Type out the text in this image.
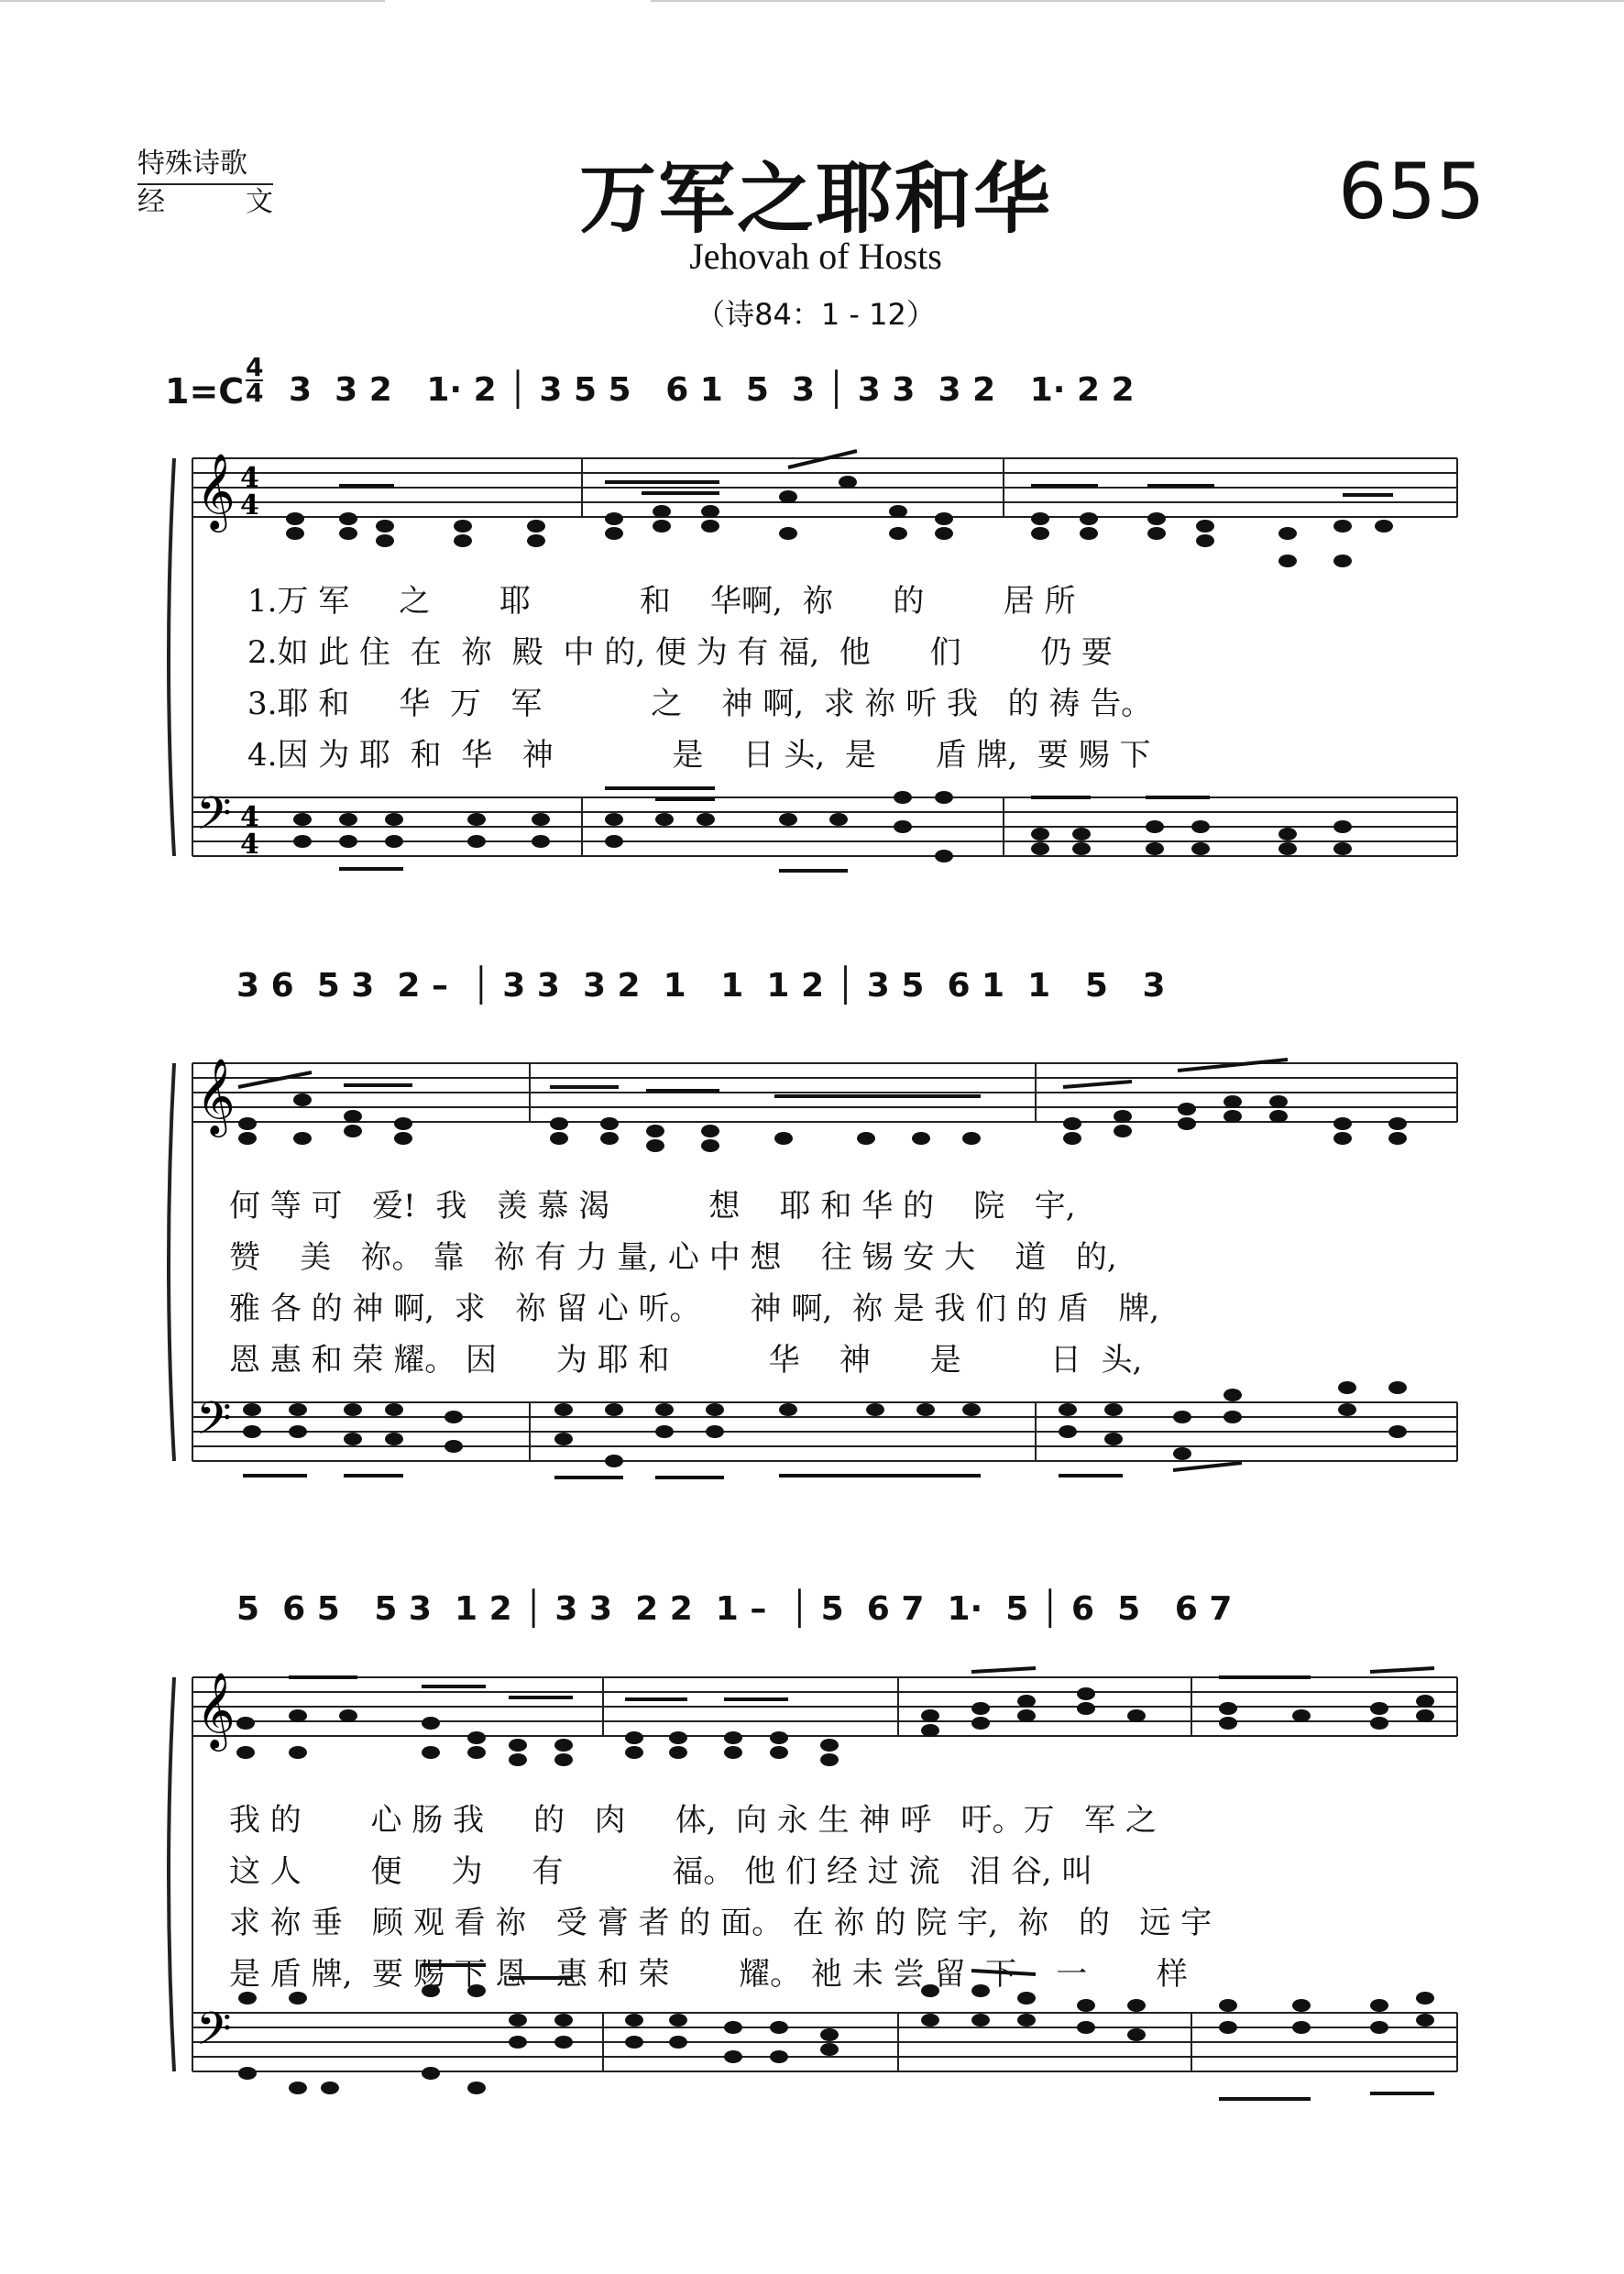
特殊诗歌
经	文	万军之耶和华	655
Jehovah of Hosts
（诗84：1 - 12）
1=C
4
4 3  3 2   1· 2 │ 3 5 5   6 1  5  3 │ 3 3  3 2   1· 2 2
𝄞
𝄢
4
4
4
4
1.万 军     之       耶           和    华啊,  祢      的        居 所
2.如 此 住  在  祢  殿  中 的, 便 为 有 福,  他      们        仍 要
3.耶 和     华  万   军           之    神 啊,  求 祢 听 我   的 祷 告。
4.因 为 耶  和  华   神            是    日 头,  是      盾 牌,  要 赐 下
3 6  5 3  2 –  │ 3 3  3 2  1   1  1 2 │ 3 5  6 1  1   5   3
𝄞
𝄢
何 等 可   爱!  我   羡 慕 渴          想    耶 和 华 的    院   宇,
赞    美   祢。 靠   祢 有 力 量, 心 中 想    往 锡 安 大    道   的,
雅 各 的 神 啊,  求   祢 留 心 听。     神 啊,  祢 是 我 们 的 盾   牌,
恩 惠 和 荣 耀。 因      为 耶 和          华    神      是         日  头,
5  6 5   5 3  1 2 │ 3 3  2 2  1 –  │ 5  6 7  1·  5 │ 6  5   6 7
𝄞
𝄢
我 的       心 肠 我     的   肉     体,  向 永 生 神 呼   吁。万   军 之
这 人       便     为     有           福。 他 们 经 过 流   泪 谷, 叫
求 祢 垂   顾 观 看 祢   受 膏 者 的 面。 在 祢 的 院 宇,  祢   的   远 宇
是 盾 牌,  要 赐 下 恩   惠 和 荣       耀。 祂 未 尝 留  下    一       样
